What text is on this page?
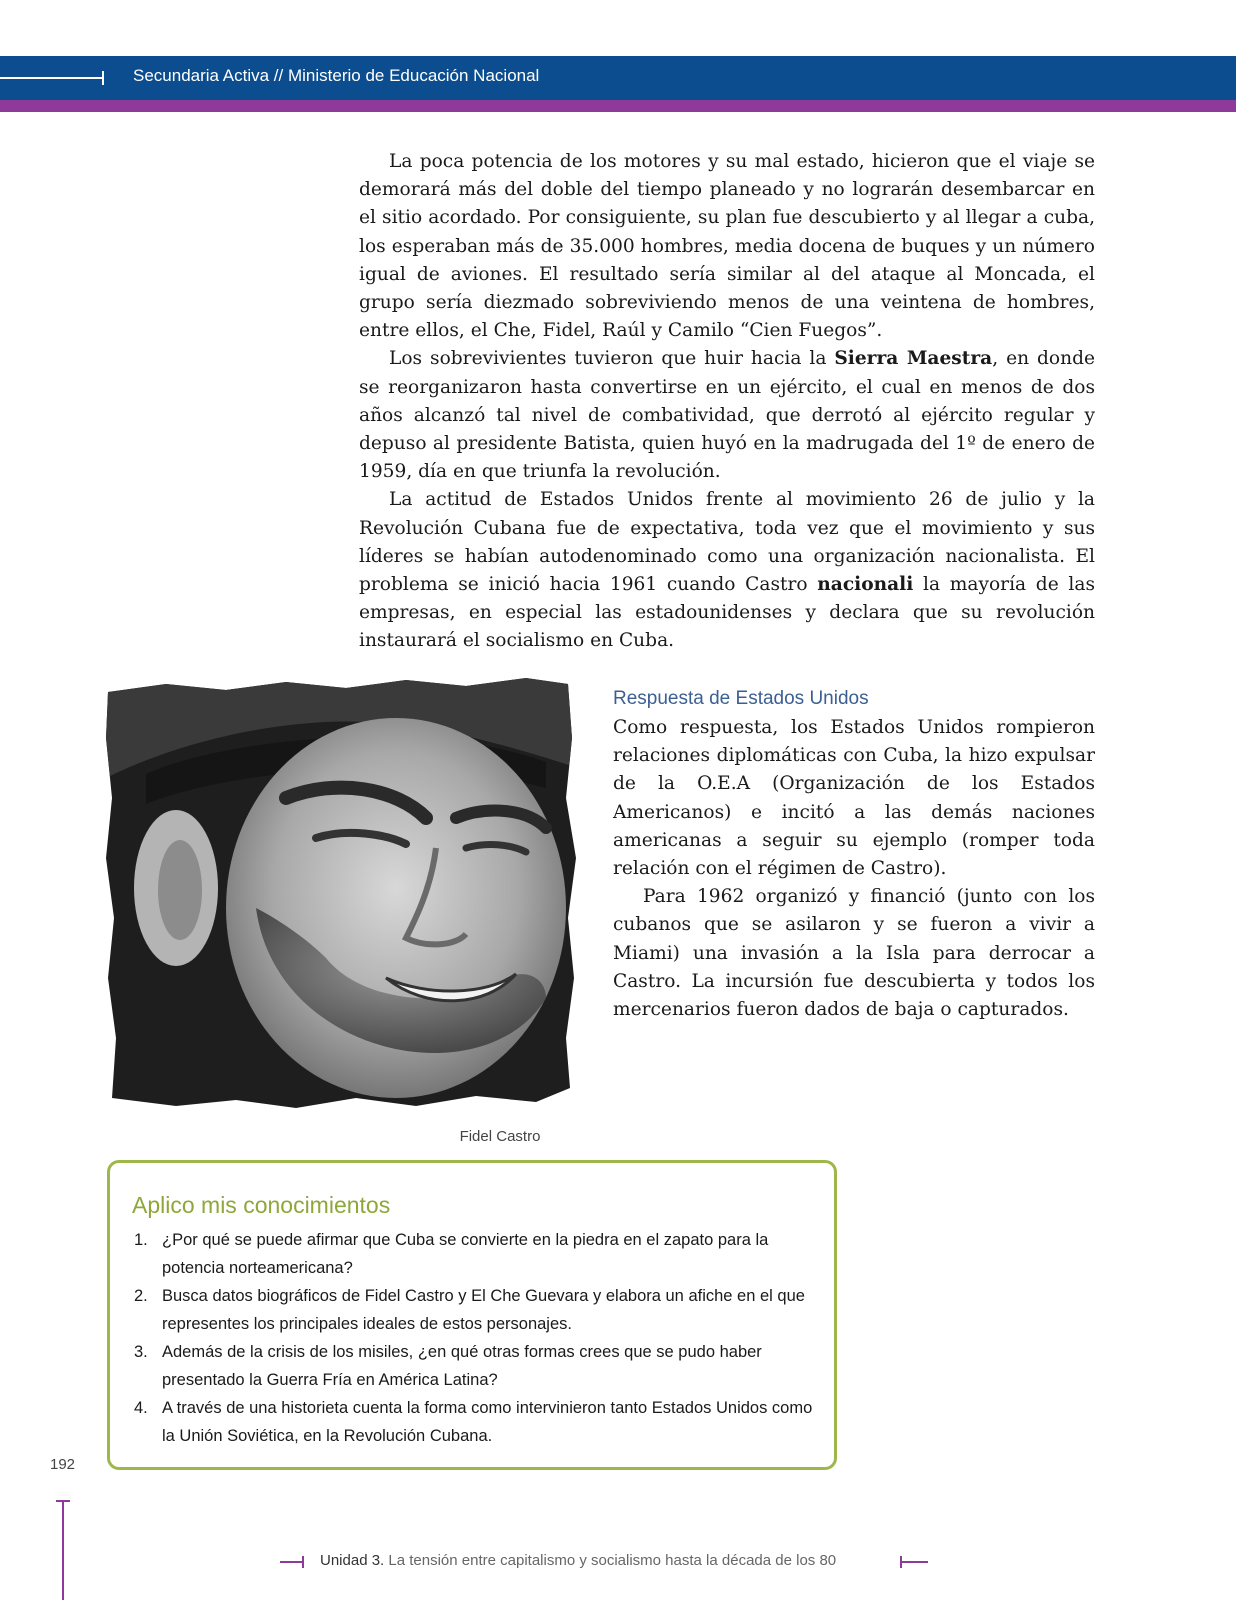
Secundaria Activa // Ministerio de Educación Nacional

La poca potencia de los motores y su mal estado, hicieron que el viaje se demorará más del doble del tiempo planeado y no lograrán desembarcar en el sitio acordado. Por consiguiente, su plan fue descubierto y al llegar a cuba, los esperaban más de 35.000 hombres, media docena de buques y un número igual de aviones. El resultado sería similar al del ataque al Moncada, el grupo sería diezmado sobreviviendo menos de una veintena de hombres, entre ellos, el Che, Fidel, Raúl y Camilo “Cien Fuegos”.

Los sobrevivientes tuvieron que huir hacia la Sierra Maestra, en donde se reorganizaron hasta convertirse en un ejército, el cual en menos de dos años alcanzó tal nivel de combatividad, que derrotó al ejército regular y depuso al presidente Batista, quien huyó en la madrugada del 1º de enero de 1959, día en que triunfa la revolución.

La actitud de Estados Unidos frente al movimiento 26 de julio y la Revolución Cubana fue de expectativa, toda vez que el movimiento y sus líderes se habían autodenominado como una organización nacionalista. El problema se inició hacia 1961 cuando Castro nacionali la mayoría de las empresas, en especial las estadounidenses y declara que su revolución instaurará el socialismo en Cuba.

Fidel Castro
Respuesta de Estados Unidos

Como respuesta, los Estados Unidos rompieron relaciones diplomáticas con Cuba, la hizo expulsar de la O.E.A (Organización de los Estados Americanos) e incitó a las demás naciones americanas a seguir su ejemplo (romper toda relación con el régimen de Castro).

Para 1962 organizó y financió (junto con los cubanos que se asilaron y se fueron a vivir a Miami) una invasión a la Isla para derrocar a Castro. La incursión fue descubierta y todos los mercenarios fueron dados de baja o capturados.

Aplico mis conocimientos
1. ¿Por qué se puede afirmar que Cuba se convierte en la piedra en el zapato para la potencia norteamericana?
2. Busca datos biográficos de Fidel Castro y El Che Guevara y elabora un afiche en el que representes los principales ideales de estos personajes.
3. Además de la crisis de los misiles, ¿en qué otras formas crees que se pudo haber presentado la Guerra Fría en América Latina?
4. A través de una historieta cuenta la forma como intervinieron tanto Estados Unidos como la Unión Soviética, en la Revolución Cubana.
192
Unidad 3. La tensión entre capitalismo y socialismo hasta la década de los 80
